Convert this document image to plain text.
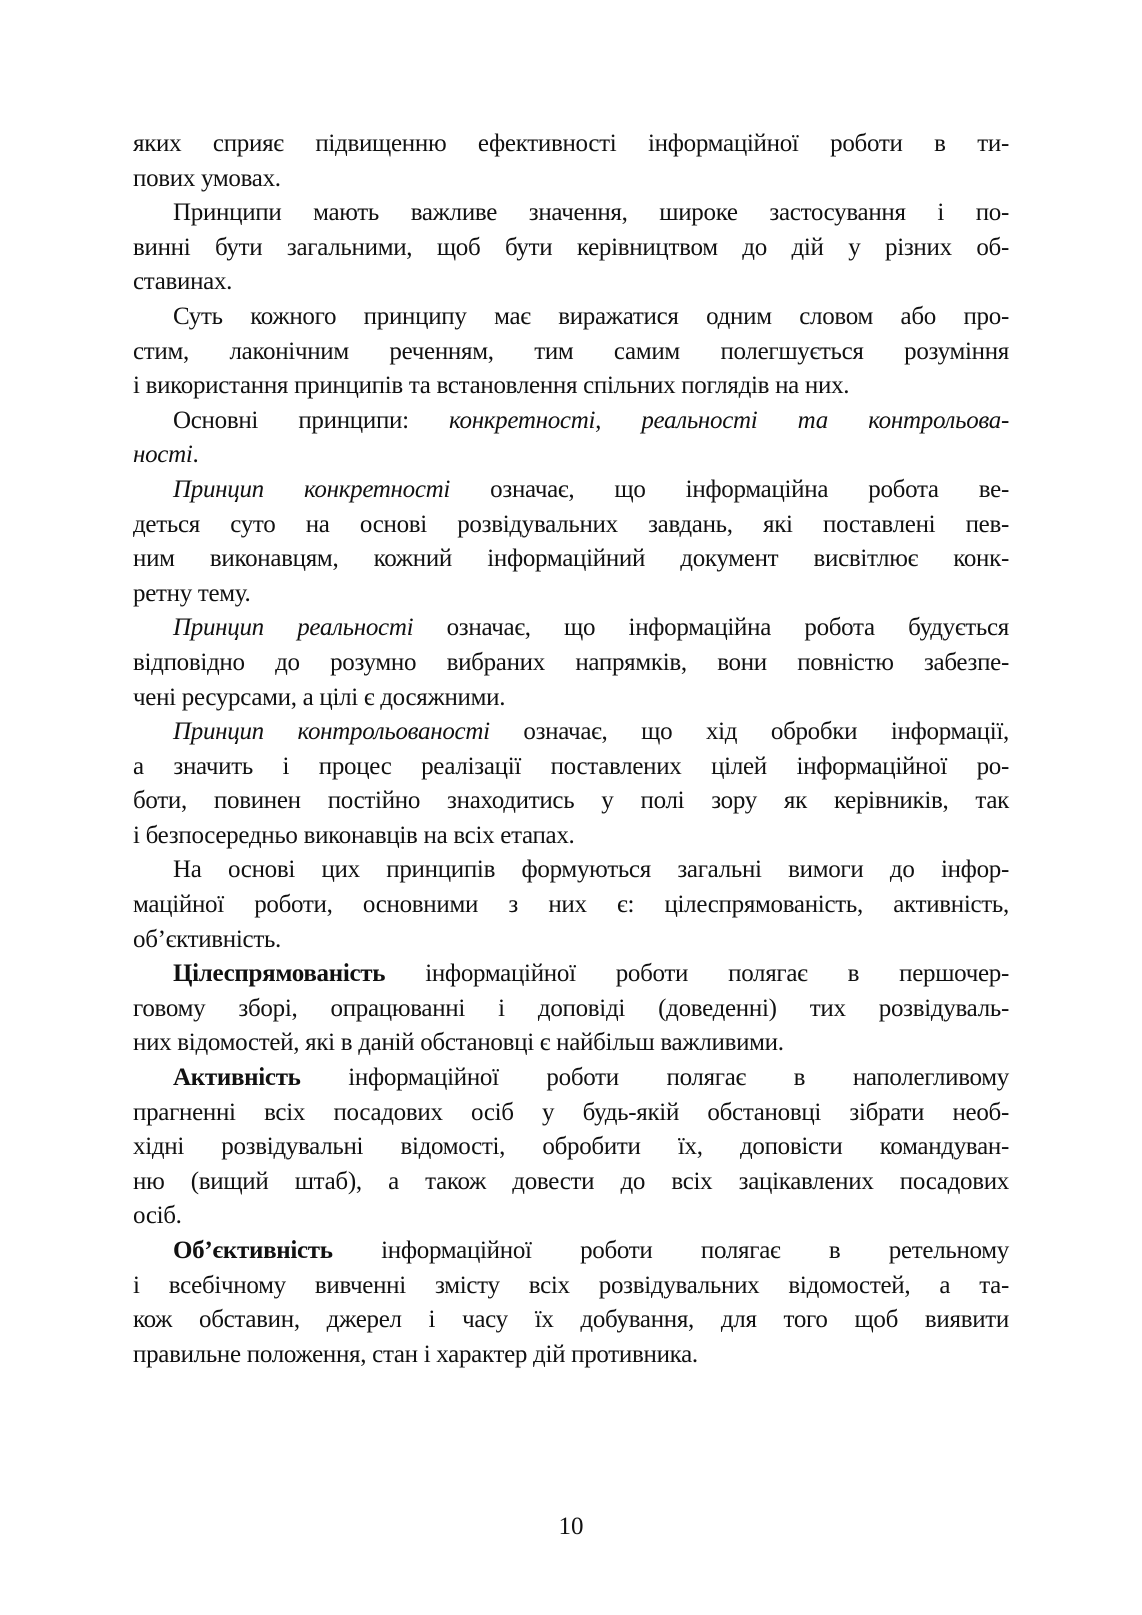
яких сприяє підвищенню ефективності інформаційної роботи в ти-
пових умовах.
Принципи мають важливе значення, широке застосування і по-
винні бути загальними, щоб бути керівництвом до дій у різних об-
ставинах.
Суть кожного принципу має виражатися одним словом або про-
стим, лаконічним реченням, тим самим полегшується розуміння
і використання принципів та встановлення спільних поглядів на них.
Основні принципи: конкретності, реальності та контрольова-
ності.
Принцип конкретності означає, що інформаційна робота ве-
деться суто на основі розвідувальних завдань, які поставлені пев-
ним виконавцям, кожний інформаційний документ висвітлює конк-
ретну тему.
Принцип реальності означає, що інформаційна робота будується
відповідно до розумно вибраних напрямків, вони повністю забезпе-
чені ресурсами, а цілі є досяжними.
Принцип контрольованості означає, що хід обробки інформації,
а значить і процес реалізації поставлених цілей інформаційної ро-
боти, повинен постійно знаходитись у полі зору як керівників, так
і безпосередньо виконавців на всіх етапах.
На основі цих принципів формуються загальні вимоги до інфор-
маційної роботи, основними з них є: цілеспрямованість, активність,
об’єктивність.
Цілеспрямованість інформаційної роботи полягає в першочер-
говому зборі, опрацюванні і доповіді (доведенні) тих розвідуваль-
них відомостей, які в даній обстановці є найбільш важливими.
Активність інформаційної роботи полягає в наполегливому
прагненні всіх посадових осіб у будь-якій обстановці зібрати необ-
хідні розвідувальні відомості, обробити їх, доповісти командуван-
ню (вищий штаб), а також довести до всіх зацікавлених посадових
осіб.
Об’єктивність інформаційної роботи полягає в ретельному
і всебічному вивченні змісту всіх розвідувальних відомостей, а та-
кож обставин, джерел і часу їх добування, для того щоб виявити
правильне положення, стан і характер дій противника.
10
